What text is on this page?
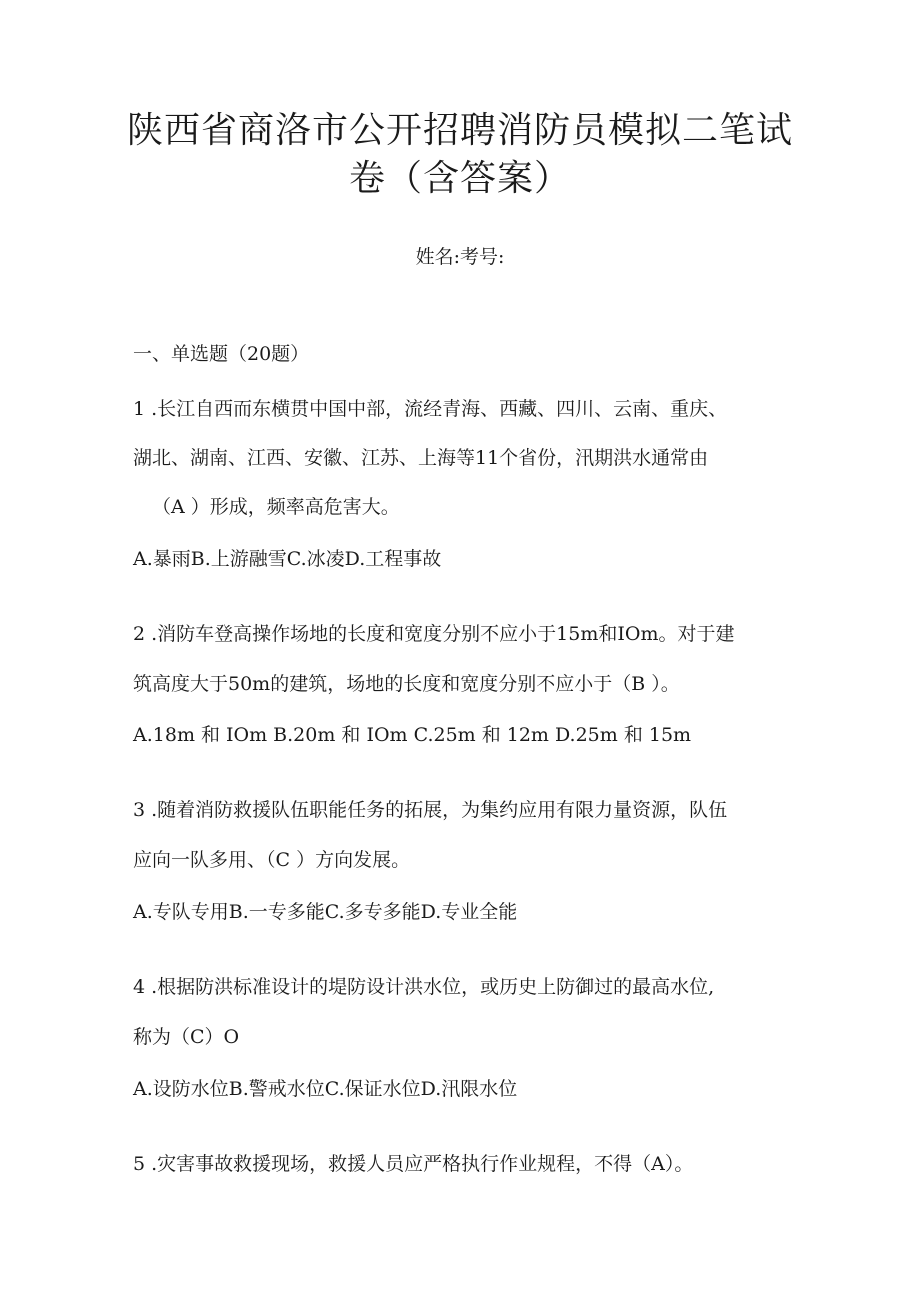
陕西省商洛市公开招聘消防员模拟二笔试
卷（含答案）
姓名:考号:
一、单选题（20题）
1 .长江自西而东横贯中国中部，流经青海、西藏、四川、云南、重庆、
湖北、湖南、江西、安徽、江苏、上海等11个省份，汛期洪水通常由
（A ）形成，频率高危害大。
A.暴雨B.上游融雪C.冰凌D.工程事故
2 .消防车登高操作场地的长度和宽度分别不应小于15m和IOm。对于建
筑高度大于50m的建筑，场地的长度和宽度分别不应小于（B ）。
A.18m 和 IOm B.20m 和 IOm C.25m 和 12m D.25m 和 15m
3 .随着消防救援队伍职能任务的拓展，为集约应用有限力量资源，队伍
应向一队多用、（C ）方向发展。
A.专队专用B.一专多能C.多专多能D.专业全能
4 .根据防洪标准设计的堤防设计洪水位，或历史上防御过的最高水位,
称为（C）O
A.设防水位B.警戒水位C.保证水位D.汛限水位
5 .灾害事故救援现场，救援人员应严格执行作业规程，不得（A）。
